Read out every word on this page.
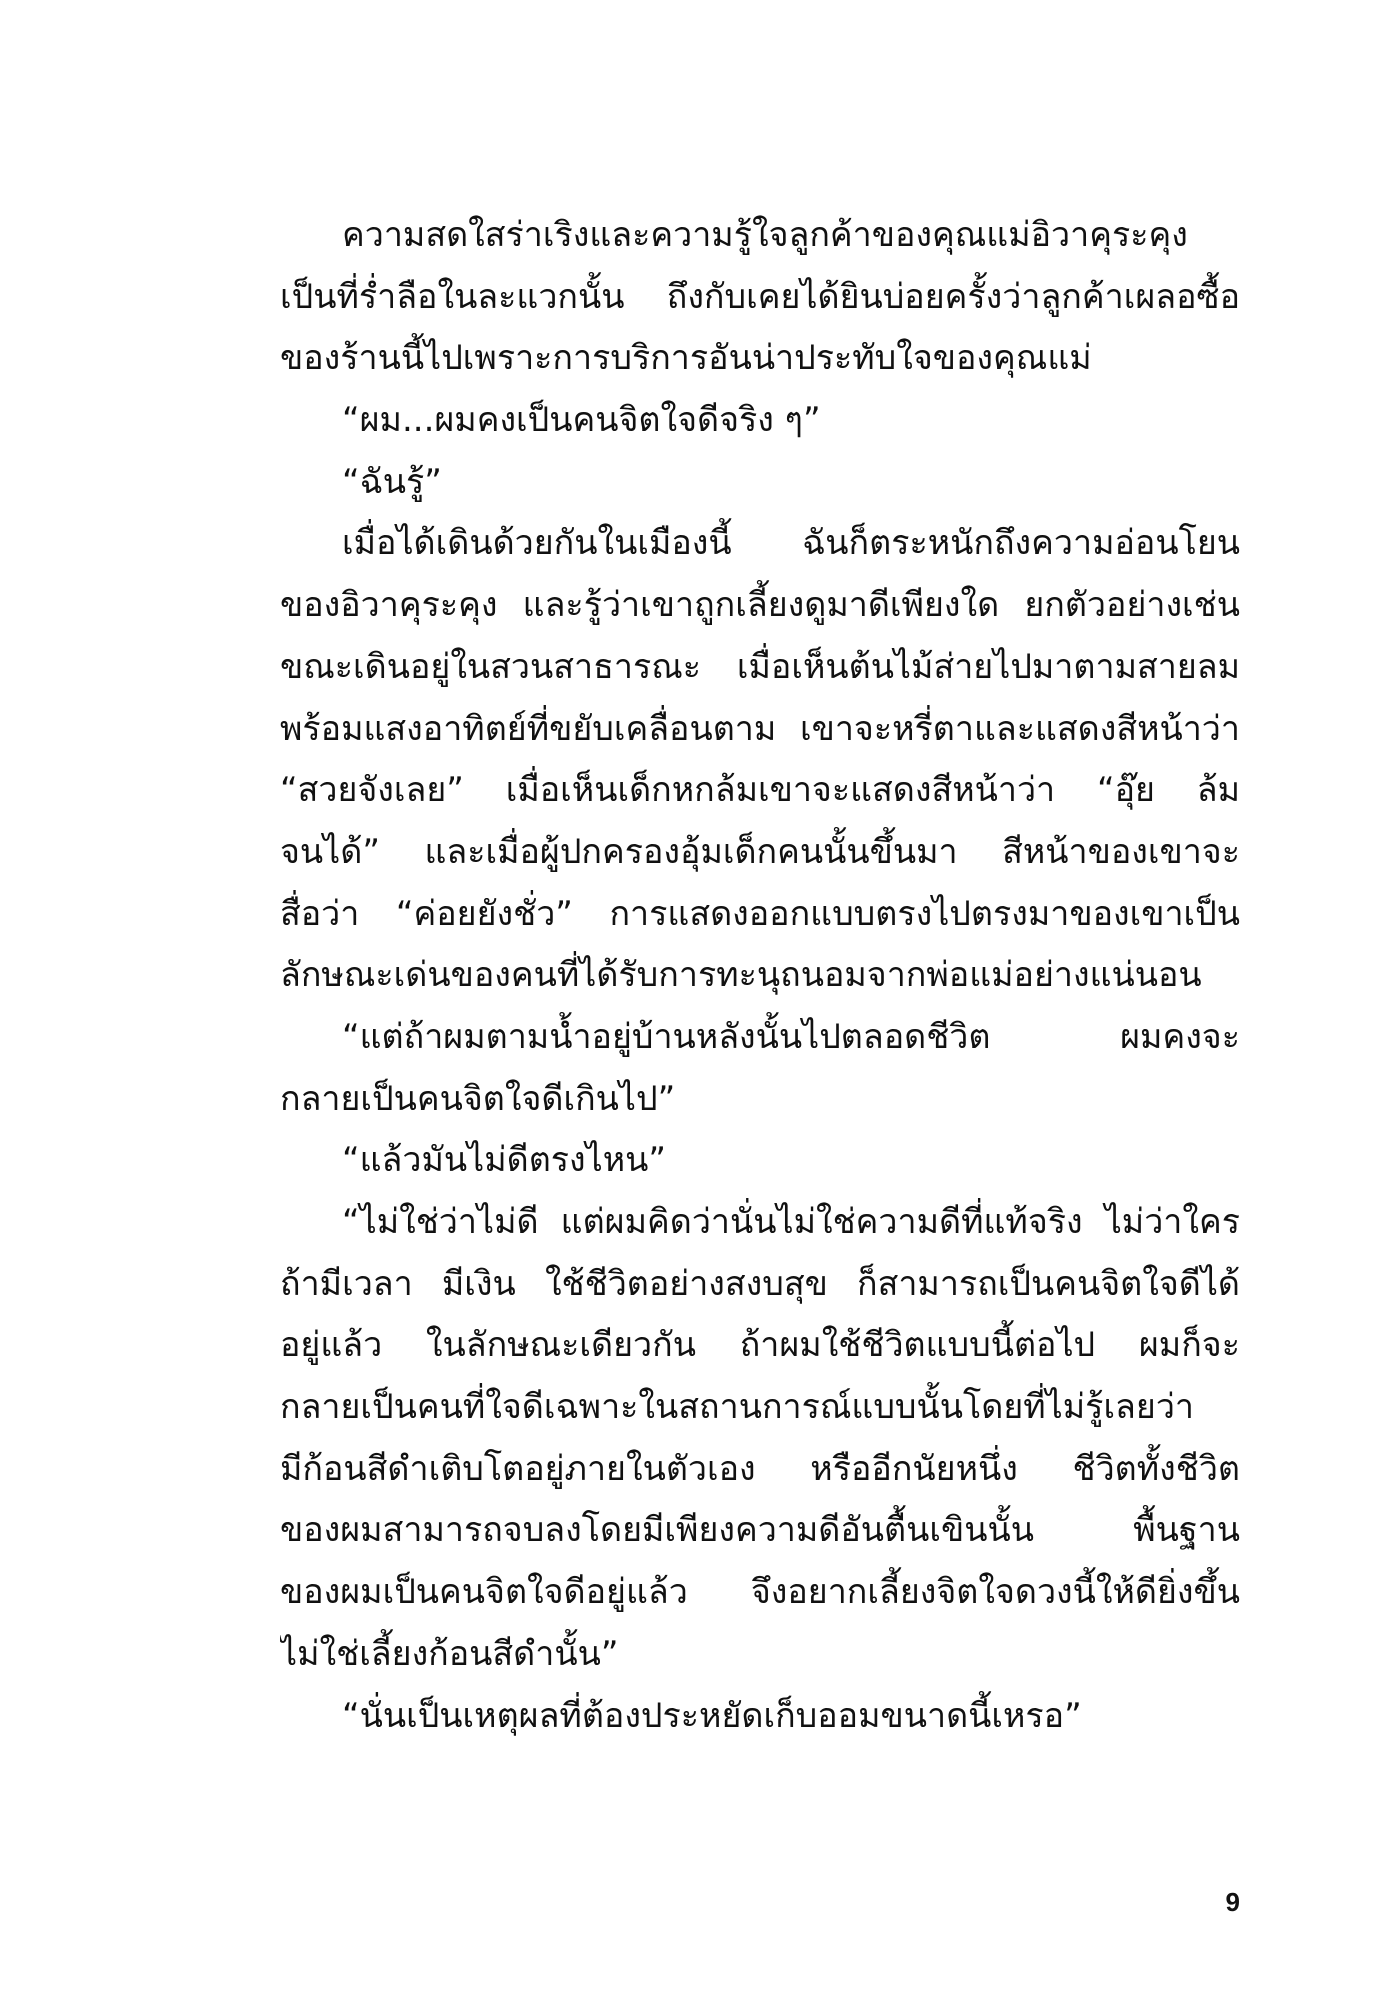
ความสดใสร่าเริงและความรู้ใจลูกค้าของคุณแม่อิวาคุระคุง
เป็นที่ร่ำลือในละแวกนั้น ถึงกับเคยได้ยินบ่อยครั้งว่าลูกค้าเผลอซื้อ
ของร้านนี้ไปเพราะการบริการอันน่าประทับใจของคุณแม่
“ผม...ผมคงเป็นคนจิตใจดีจริง ๆ”
“ฉันรู้”
เมื่อได้เดินด้วยกันในเมืองนี้ ฉันก็ตระหนักถึงความอ่อนโยน
ของอิวาคุระคุง และรู้ว่าเขาถูกเลี้ยงดูมาดีเพียงใด ยกตัวอย่างเช่น
ขณะเดินอยู่ในสวนสาธารณะ เมื่อเห็นต้นไม้ส่ายไปมาตามสายลม
พร้อมแสงอาทิตย์ที่ขยับเคลื่อนตาม เขาจะหรี่ตาและแสดงสีหน้าว่า
“สวยจังเลย” เมื่อเห็นเด็กหกล้มเขาจะแสดงสีหน้าว่า “อุ๊ย ล้ม
จนได้” และเมื่อผู้ปกครองอุ้มเด็กคนนั้นขึ้นมา สีหน้าของเขาจะ
สื่อว่า “ค่อยยังชั่ว” การแสดงออกแบบตรงไปตรงมาของเขาเป็น
ลักษณะเด่นของคนที่ได้รับการทะนุถนอมจากพ่อแม่อย่างแน่นอน
“แต่ถ้าผมตามน้ำอยู่บ้านหลังนั้นไปตลอดชีวิต ผมคงจะ
กลายเป็นคนจิตใจดีเกินไป”
“แล้วมันไม่ดีตรงไหน”
“ไม่ใช่ว่าไม่ดี แต่ผมคิดว่านั่นไม่ใช่ความดีที่แท้จริง ไม่ว่าใคร
ถ้ามีเวลา มีเงิน ใช้ชีวิตอย่างสงบสุข ก็สามารถเป็นคนจิตใจดีได้
อยู่แล้ว ในลักษณะเดียวกัน ถ้าผมใช้ชีวิตแบบนี้ต่อไป ผมก็จะ
กลายเป็นคนที่ใจดีเฉพาะในสถานการณ์แบบนั้นโดยที่ไม่รู้เลยว่า
มีก้อนสีดำเติบโตอยู่ภายในตัวเอง หรืออีกนัยหนึ่ง ชีวิตทั้งชีวิต
ของผมสามารถจบลงโดยมีเพียงความดีอันตื้นเขินนั้น พื้นฐาน
ของผมเป็นคนจิตใจดีอยู่แล้ว จึงอยากเลี้ยงจิตใจดวงนี้ให้ดียิ่งขึ้น
ไม่ใช่เลี้ยงก้อนสีดำนั้น”
“นั่นเป็นเหตุผลที่ต้องประหยัดเก็บออมขนาดนี้เหรอ”
9
